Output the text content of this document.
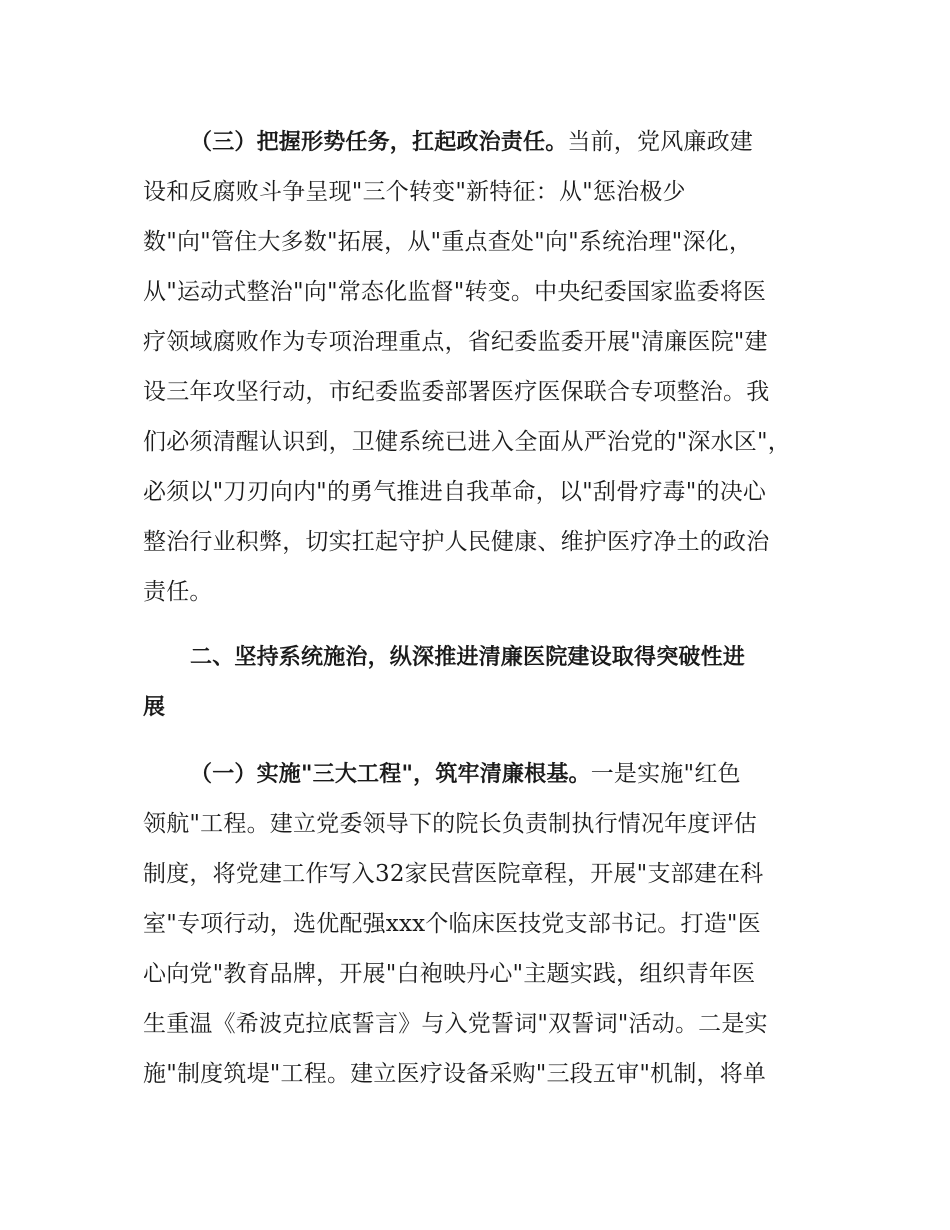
（三）把握形势任务，扛起政治责任。当前，党风廉政建
设和反腐败斗争呈现"三个转变"新特征：从"惩治极少
数"向"管住大多数"拓展，从"重点查处"向"系统治理"深化，
从"运动式整治"向"常态化监督"转变。中央纪委国家监委将医
疗领域腐败作为专项治理重点，省纪委监委开展"清廉医院"建
设三年攻坚行动，市纪委监委部署医疗医保联合专项整治。我
们必须清醒认识到，卫健系统已进入全面从严治党的"深水区"，
必须以"刀刃向内"的勇气推进自我革命，以"刮骨疗毒"的决心
整治行业积弊，切实扛起守护人民健康、维护医疗净土的政治
责任。
二、坚持系统施治，纵深推进清廉医院建设取得突破性进
展
（一）实施"三大工程"，筑牢清廉根基。一是实施"红色
领航"工程。建立党委领导下的院长负责制执行情况年度评估
制度，将党建工作写入32家民营医院章程，开展"支部建在科
室"专项行动，选优配强xxx个临床医技党支部书记。打造"医
心向党"教育品牌，开展"白袍映丹心"主题实践，组织青年医
生重温《希波克拉底誓言》与入党誓词"双誓词"活动。二是实
施"制度筑堤"工程。建立医疗设备采购"三段五审"机制，将单
